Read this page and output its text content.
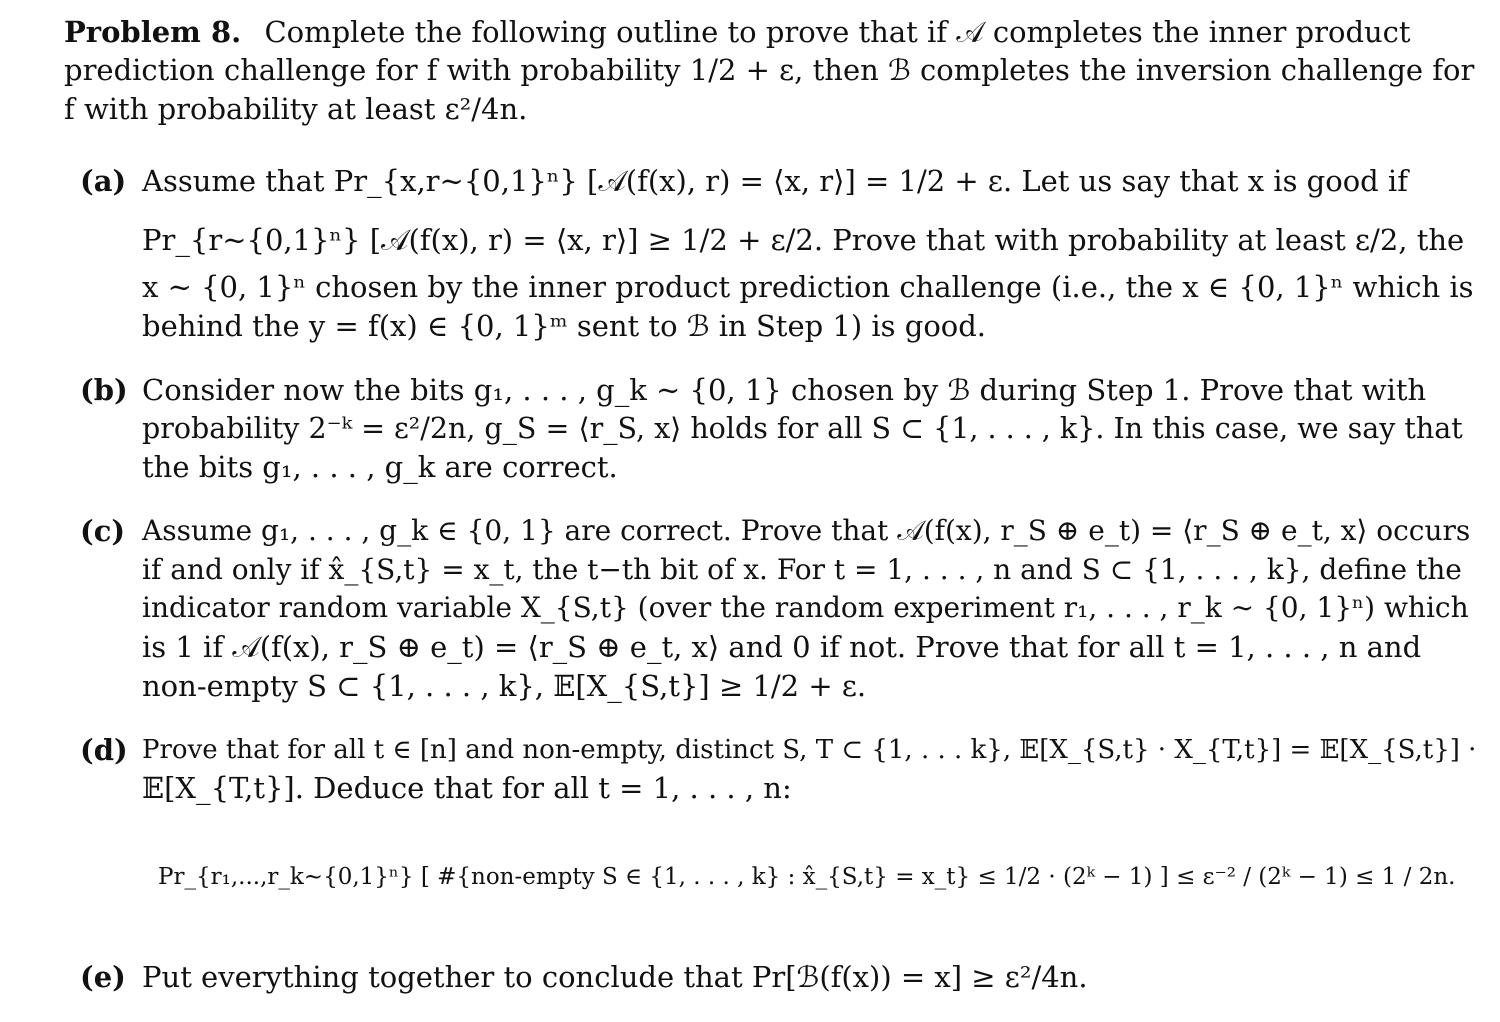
Problem 8. Complete the following outline to prove that if 𝒜 completes the inner product
prediction challenge for f with probability 1/2 + ε, then ℬ completes the inversion challenge for
f with probability at least ε²/4n.
(a) Assume that Pr_{x,r∼{0,1}ⁿ} [𝒜(f(x), r) = ⟨x, r⟩] = 1/2 + ε. Let us say that x is good if
Pr_{r∼{0,1}ⁿ} [𝒜(f(x), r) = ⟨x, r⟩] ≥ 1/2 + ε/2. Prove that with probability at least ε/2, the
x ∼ {0, 1}ⁿ chosen by the inner product prediction challenge (i.e., the x ∈ {0, 1}ⁿ which is
behind the y = f(x) ∈ {0, 1}ᵐ sent to ℬ in Step 1) is good.
(b) Consider now the bits g₁, . . . , g_k ∼ {0, 1} chosen by ℬ during Step 1. Prove that with
probability 2⁻ᵏ = ε²/2n, g_S = ⟨r_S, x⟩ holds for all S ⊂ {1, . . . , k}. In this case, we say that
the bits g₁, . . . , g_k are correct.
(c) Assume g₁, . . . , g_k ∈ {0, 1} are correct. Prove that 𝒜(f(x), r_S ⊕ e_t) = ⟨r_S ⊕ e_t, x⟩ occurs
if and only if x̂_{S,t} = x_t, the t−th bit of x. For t = 1, . . . , n and S ⊂ {1, . . . , k}, define the
indicator random variable X_{S,t} (over the random experiment r₁, . . . , r_k ∼ {0, 1}ⁿ) which
is 1 if 𝒜(f(x), r_S ⊕ e_t) = ⟨r_S ⊕ e_t, x⟩ and 0 if not. Prove that for all t = 1, . . . , n and
non-empty S ⊂ {1, . . . , k}, 𝔼[X_{S,t}] ≥ 1/2 + ε.
(d) Prove that for all t ∈ [n] and non-empty, distinct S, T ⊂ {1, . . . k}, 𝔼[X_{S,t} · X_{T,t}] = 𝔼[X_{S,t}] ·
𝔼[X_{T,t}]. Deduce that for all t = 1, . . . , n:
Pr_{r₁,...,r_k∼{0,1}ⁿ} [ #{non-empty S ∈ {1, . . . , k} : x̂_{S,t} = x_t} ≤ 1/2 · (2ᵏ − 1) ] ≤ ε⁻² / (2ᵏ − 1) ≤ 1 / 2n.
(e) Put everything together to conclude that Pr[ℬ(f(x)) = x] ≥ ε²/4n.
